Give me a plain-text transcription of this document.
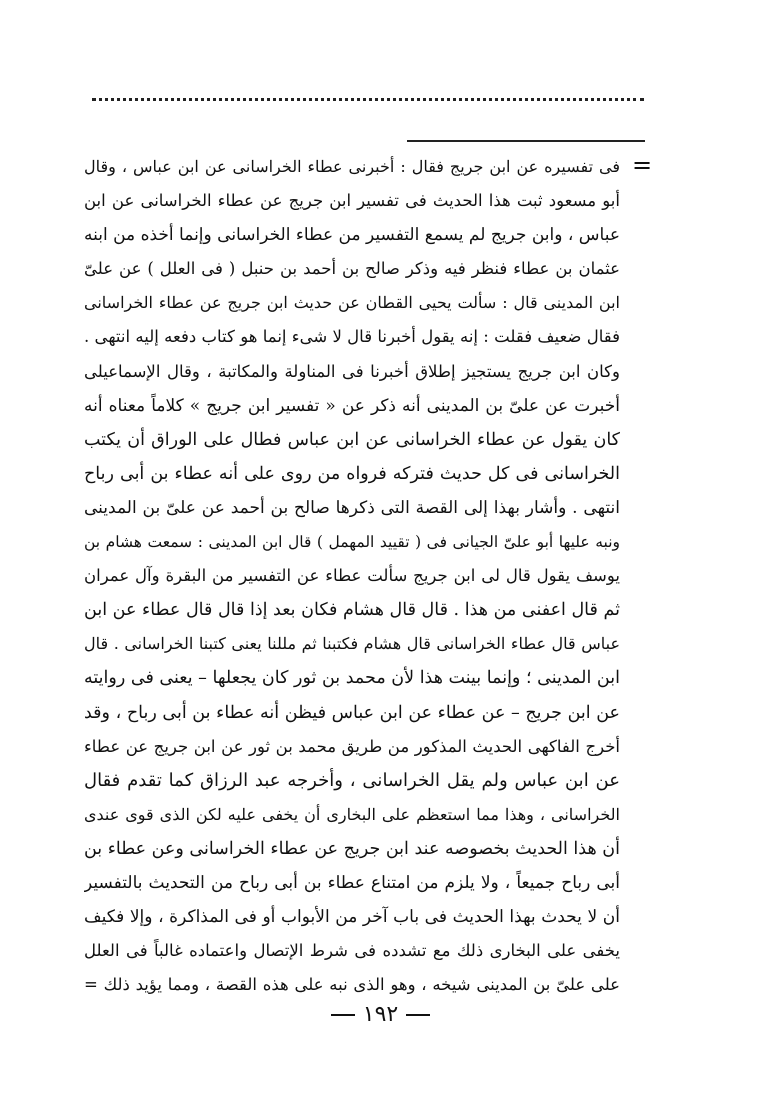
=
فى تفسيره عن ابن جريج فقال : أخبرنى عطاء الخراسانى عن ابن عباس ، وقال
أبو مسعود ثبت هذا الحديث فى تفسير ابن جريج عن عطاء الخراسانى عن ابن
عباس ، وابن جريج لم يسمع التفسير من عطاء الخراسانى وإنما أخذه من ابنه
عثمان بن عطاء فنظر فيه وذكر صالح بن أحمد بن حنبل ( فى العلل ) عن علىّ
ابن المدينى قال : سألت يحيى القطان عن حديث ابن جريج عن عطاء الخراسانى
فقال ضعيف فقلت : إنه يقول أخبرنا قال لا شىء إنما هو كتاب دفعه إليه انتهى .
وكان ابن جريج يستجيز إطلاق أخبرنا فى المناولة والمكاتبة ، وقال الإسماعيلى
أخبرت عن علىّ بن المدينى أنه ذكر عن « تفسير ابن جريج » كلاماً معناه أنه
كان يقول عن عطاء الخراسانى عن ابن عباس فطال على الوراق أن يكتب
الخراسانى فى كل حديث فتركه فرواه من روى على أنه عطاء بن أبى رباح
انتهى . وأشار بهذا إلى القصة التى ذكرها صالح بن أحمد عن علىّ بن المدينى
ونبه عليها أبو علىّ الجيانى فى ( تقييد المهمل ) قال ابن المدينى : سمعت هشام بن
يوسف يقول قال لى ابن جريج سألت عطاء عن التفسير من البقرة وآل عمران
ثم قال اعفنى من هذا . قال قال هشام فكان بعد إذا قال قال عطاء عن ابن
عباس قال عطاء الخراسانى قال هشام فكتبنا ثم مللنا يعنى كتبنا الخراسانى . قال
ابن المدينى ؛ وإنما بينت هذا لأن محمد بن ثور كان يجعلها – يعنى فى روايته
عن ابن جريج – عن عطاء عن ابن عباس فيظن أنه عطاء بن أبى رباح ، وقد
أخرج الفاكهى الحديث المذكور من طريق محمد بن ثور عن ابن جريج عن عطاء
عن ابن عباس ولم يقل الخراسانى ، وأخرجه عبد الرزاق كما تقدم فقال
الخراسانى ، وهذا مما استعظم على البخارى أن يخفى عليه لكن الذى قوى عندى
أن هذا الحديث بخصوصه عند ابن جريج عن عطاء الخراسانى وعن عطاء بن
أبى رباح جميعاً ، ولا يلزم من امتناع عطاء بن أبى رباح من التحديث بالتفسير
أن لا يحدث بهذا الحديث فى باب آخر من الأبواب أو فى المذاكرة ، وإلا فكيف
يخفى على البخارى ذلك مع تشدده فى شرط الإتصال واعتماده غالباً فى العلل
على علىّ بن المدينى شيخه ، وهو الذى نبه على هذه القصة ، ومما يؤيد ذلك =
١٩٢
